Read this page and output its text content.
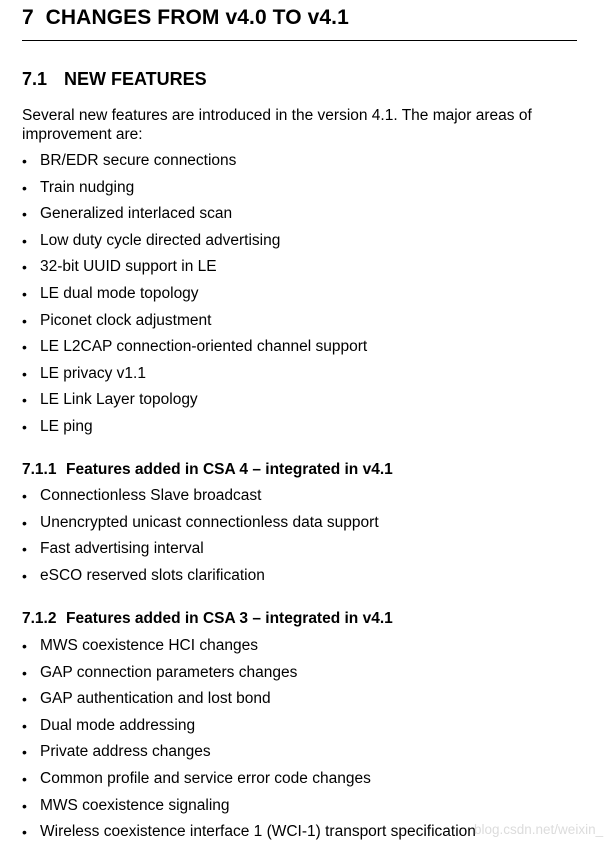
7 CHANGES FROM v4.0 TO v4.1
7.1 NEW FEATURES
Several new features are introduced in the version 4.1. The major areas of improvement are:
• BR/EDR secure connections
• Train nudging
• Generalized interlaced scan
• Low duty cycle directed advertising
• 32-bit UUID support in LE
• LE dual mode topology
• Piconet clock adjustment
• LE L2CAP connection-oriented channel support
• LE privacy v1.1
• LE Link Layer topology
• LE ping
7.1.1 Features added in CSA 4 – integrated in v4.1
• Connectionless Slave broadcast
• Unencrypted unicast connectionless data support
• Fast advertising interval
• eSCO reserved slots clarification
7.1.2 Features added in CSA 3 – integrated in v4.1
• MWS coexistence HCI changes
• GAP connection parameters changes
• GAP authentication and lost bond
• Dual mode addressing
• Private address changes
• Common profile and service error code changes
• MWS coexistence signaling
• Wireless coexistence interface 1 (WCI-1) transport specification
blog.csdn.net/weixin_
